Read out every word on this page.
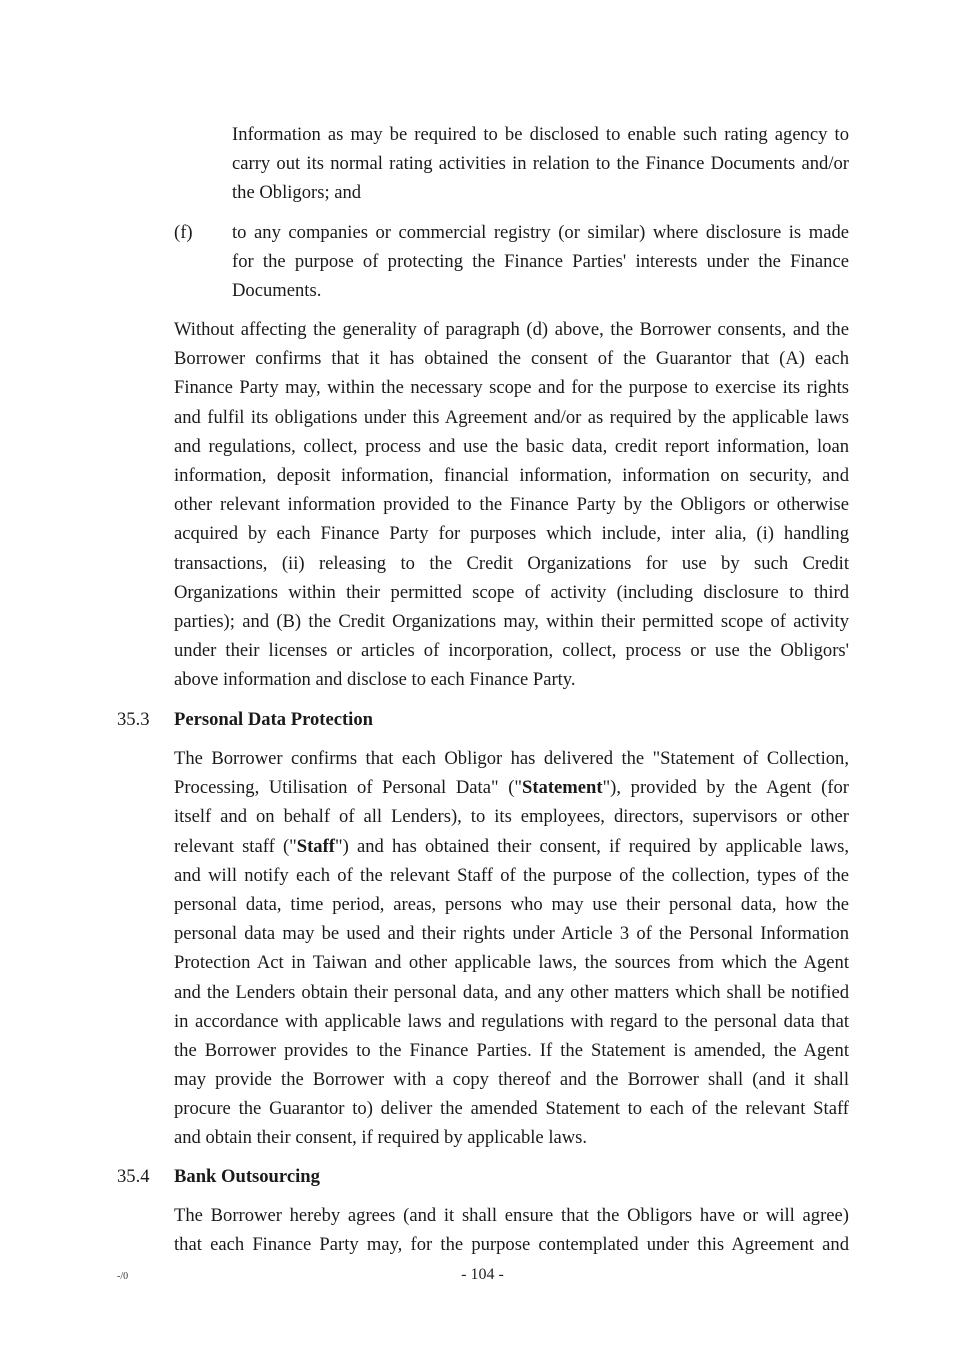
Information as may be required to be disclosed to enable such rating agency to
carry out its normal rating activities in relation to the Finance Documents and/or
the Obligors; and
(f) to any companies or commercial registry (or similar) where disclosure is made
for the purpose of protecting the Finance Parties' interests under the Finance
Documents.
Without affecting the generality of paragraph (d) above, the Borrower consents, and the
Borrower confirms that it has obtained the consent of the Guarantor that (A) each
Finance Party may, within the necessary scope and for the purpose to exercise its rights
and fulfil its obligations under this Agreement and/or as required by the applicable laws
and regulations, collect, process and use the basic data, credit report information, loan
information, deposit information, financial information, information on security, and
other relevant information provided to the Finance Party by the Obligors or otherwise
acquired by each Finance Party for purposes which include, inter alia, (i) handling
transactions, (ii) releasing to the Credit Organizations for use by such Credit
Organizations within their permitted scope of activity (including disclosure to third
parties); and (B) the Credit Organizations may, within their permitted scope of activity
under their licenses or articles of incorporation, collect, process or use the Obligors'
above information and disclose to each Finance Party.
35.3 Personal Data Protection
The Borrower confirms that each Obligor has delivered the "Statement of Collection,
Processing, Utilisation of Personal Data" ("Statement"), provided by the Agent (for
itself and on behalf of all Lenders), to its employees, directors, supervisors or other
relevant staff ("Staff") and has obtained their consent, if required by applicable laws,
and will notify each of the relevant Staff of the purpose of the collection, types of the
personal data, time period, areas, persons who may use their personal data, how the
personal data may be used and their rights under Article 3 of the Personal Information
Protection Act in Taiwan and other applicable laws, the sources from which the Agent
and the Lenders obtain their personal data, and any other matters which shall be notified
in accordance with applicable laws and regulations with regard to the personal data that
the Borrower provides to the Finance Parties. If the Statement is amended, the Agent
may provide the Borrower with a copy thereof and the Borrower shall (and it shall
procure the Guarantor to) deliver the amended Statement to each of the relevant Staff
and obtain their consent, if required by applicable laws.
35.4 Bank Outsourcing
The Borrower hereby agrees (and it shall ensure that the Obligors have or will agree)
that each Finance Party may, for the purpose contemplated under this Agreement and
-/0	- 104 -
